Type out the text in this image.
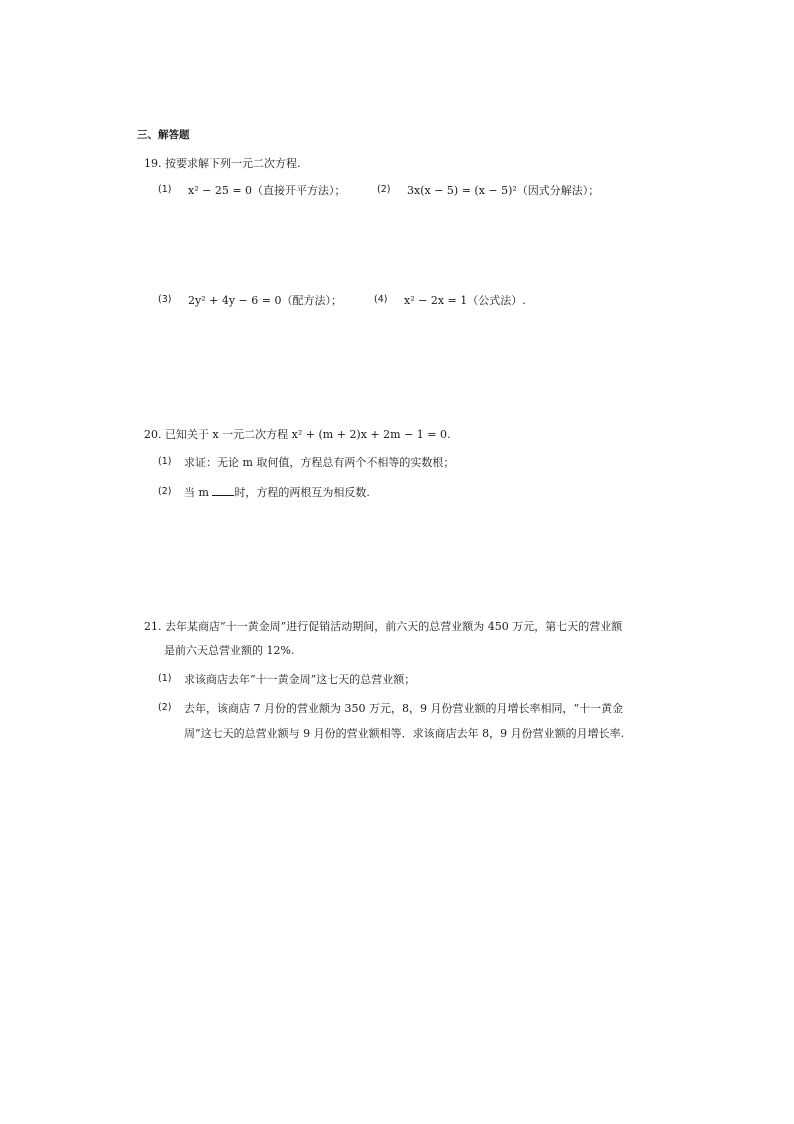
三、解答题
19. 按要求解下列一元二次方程.
(1) x² − 25 = 0（直接开平方法）；	(2) 3x(x − 5) = (x − 5)²（因式分解法）；
(3) 2y² + 4y − 6 = 0（配方法）；	(4) x² − 2x = 1（公式法）.
20. 已知关于 x 一元二次方程 x² + (m + 2)x + 2m − 1 = 0.
(1) 求证：无论 m 取何值，方程总有两个不相等的实数根；
(2) 当 m 时，方程的两根互为相反数.
21. 去年某商店“十一黄金周”进行促销活动期间，前六天的总营业额为 450 万元，第七天的营业额
是前六天总营业额的 12%.
(1) 求该商店去年“十一黄金周”这七天的总营业额；
(2) 去年，该商店 7 月份的营业额为 350 万元，8，9 月份营业额的月增长率相同，“十一黄金
周”这七天的总营业额与 9 月份的营业额相等．求该商店去年 8，9 月份营业额的月增长率.
